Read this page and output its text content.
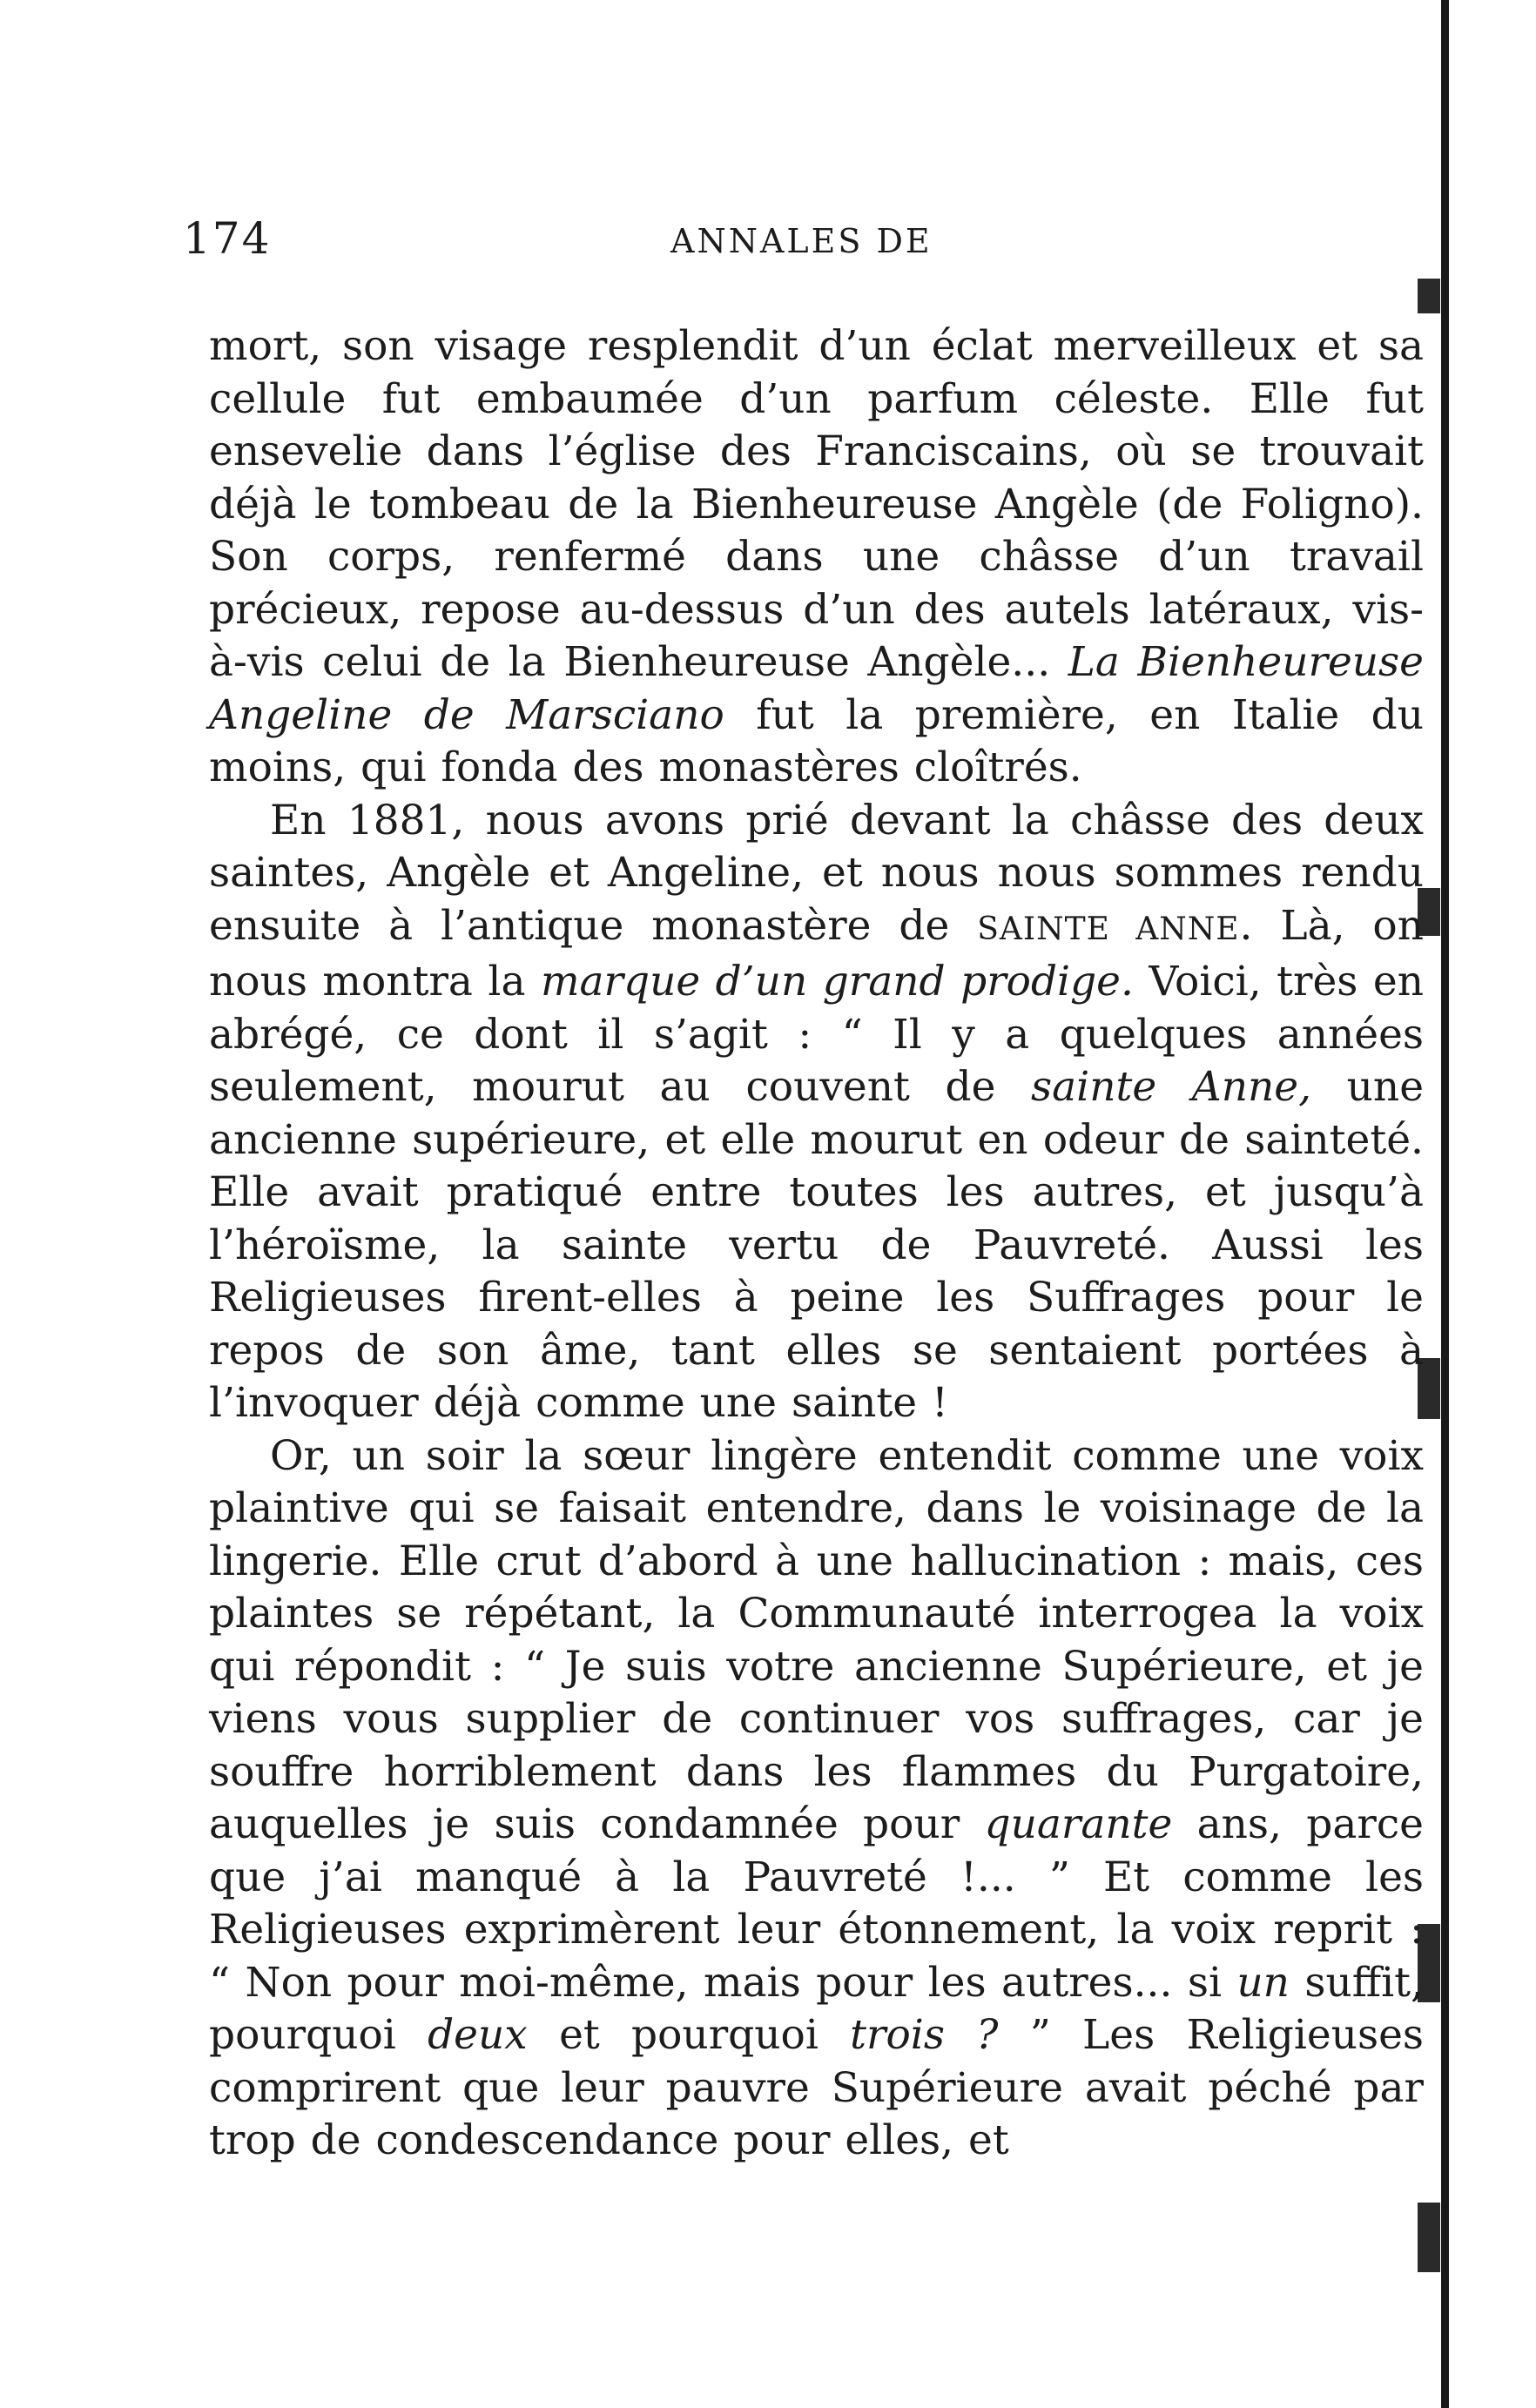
174	ANNALES DE

mort, son visage resplendit d’un éclat merveilleux et sa cellule fut embaumée d’un parfum céleste. Elle fut ensevelie dans l’église des Franciscains, où se trouvait déjà le tombeau de la Bienheureuse Angèle (de Foligno). Son corps, renfermé dans une châsse d’un travail précieux, repose au-dessus d’un des autels latéraux, vis-à-vis celui de la Bienheureuse Angèle... La Bienheureuse Angeline de Marsciano fut la première, en Italie du moins, qui fonda des monastères cloîtrés.

En 1881, nous avons prié devant la châsse des deux saintes, Angèle et Angeline, et nous nous sommes rendu ensuite à l’antique monastère de SAINTE ANNE. Là, on nous montra la marque d’un grand prodige. Voici, très en abrégé, ce dont il s’agit : “ Il y a quelques années seulement, mourut au couvent de sainte Anne, une ancienne supérieure, et elle mourut en odeur de sainteté. Elle avait pratiqué entre toutes les autres, et jusqu’à l’héroïsme, la sainte vertu de Pauvreté. Aussi les Religieuses firent-elles à peine les Suffrages pour le repos de son âme, tant elles se sentaient portées à l’invoquer déjà comme une sainte !

Or, un soir la sœur lingère entendit comme une voix plaintive qui se faisait entendre, dans le voisinage de la lingerie. Elle crut d’abord à une hallucination : mais, ces plaintes se répétant, la Communauté interrogea la voix qui répondit : “ Je suis votre ancienne Supérieure, et je viens vous supplier de continuer vos suffrages, car je souffre horriblement dans les flammes du Purgatoire, auquelles je suis condamnée pour quarante ans, parce que j’ai manqué à la Pauvreté !... ” Et comme les Religieuses exprimèrent leur étonnement, la voix reprit : “ Non pour moi-même, mais pour les autres... si un suffit, pourquoi deux et pourquoi trois ? ” Les Religieuses comprirent que leur pauvre Supérieure avait péché par trop de condescendance pour elles, et
